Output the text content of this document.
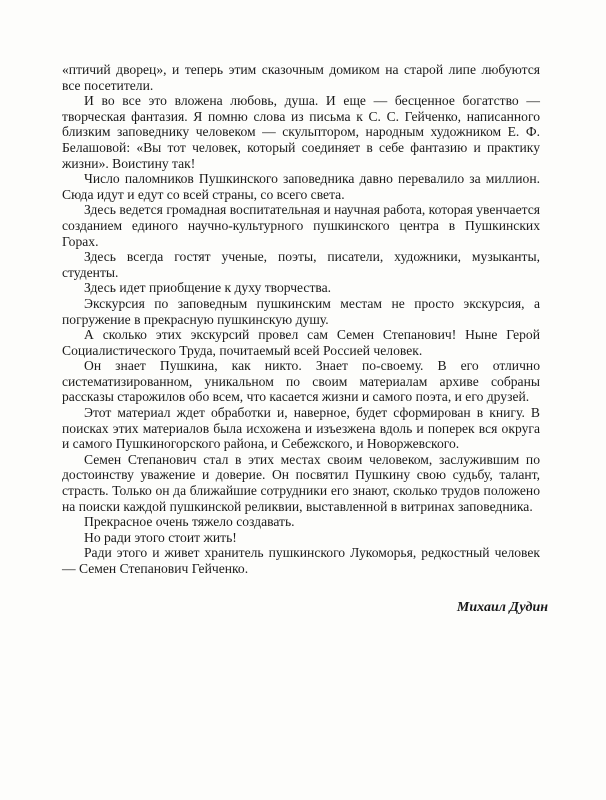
«птичий дворец», и теперь этим сказочным домиком на старой липе любуются все посетители.

И во все это вложена любовь, душа. И еще — бесценное богатство — творческая фантазия. Я помню слова из письма к С. С. Гейченко, написанного близким заповеднику человеком — скульптором, народным художником Е. Ф. Белашовой: «Вы тот человек, который соединяет в себе фантазию и практику жизни». Воистину так!

Число паломников Пушкинского заповедника давно перевалило за миллион. Сюда идут и едут со всей страны, со всего света.

Здесь ведется громадная воспитательная и научная работа, которая увенчается созданием единого научно-культурного пушкинского центра в Пушкинских Горах.

Здесь всегда гостят ученые, поэты, писатели, художники, музыканты, студенты.

Здесь идет приобщение к духу творчества.

Экскурсия по заповедным пушкинским местам не просто экскурсия, а погружение в прекрасную пушкинскую душу.

А сколько этих экскурсий провел сам Семен Степанович! Ныне Герой Социалистического Труда, почитаемый всей Россией человек.

Он знает Пушкина, как никто. Знает по-своему. В его отлично систематизированном, уникальном по своим материалам архиве собраны рассказы старожилов обо всем, что касается жизни и самого поэта, и его друзей.

Этот материал ждет обработки и, наверное, будет сформирован в книгу. В поисках этих материалов была исхожена и изъезжена вдоль и поперек вся округа и самого Пушкиногорского района, и Себежского, и Новоржевского.

Семен Степанович стал в этих местах своим человеком, заслужившим по достоинству уважение и доверие. Он посвятил Пушкину свою судьбу, талант, страсть. Только он да ближайшие сотрудники его знают, сколько трудов положено на поиски каждой пушкинской реликвии, выставленной в витринах заповедника.

Прекрасное очень тяжело создавать.

Но ради этого стоит жить!

Ради этого и живет хранитель пушкинского Лукоморья, редкостный человек — Семен Степанович Гейченко.

Михаил Дудин
